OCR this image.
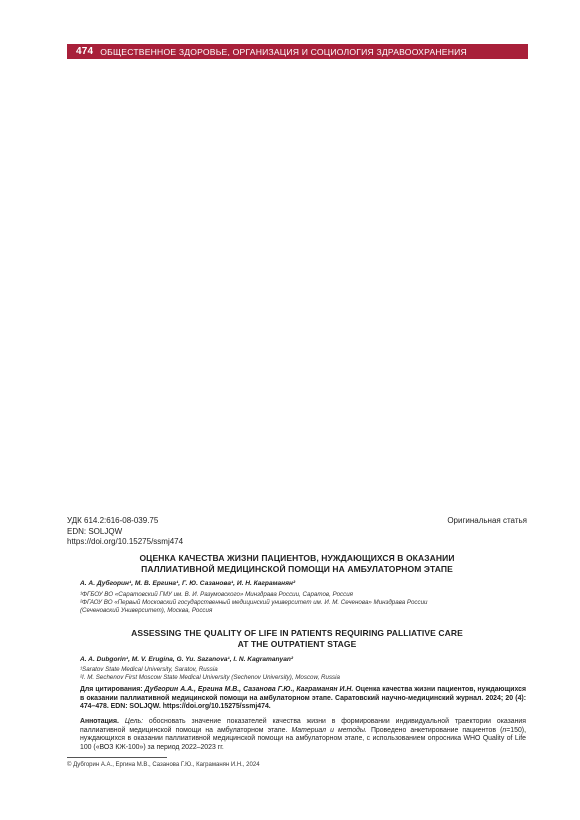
474 ОБЩЕСТВЕННОЕ ЗДОРОВЬЕ, ОРГАНИЗАЦИЯ И СОЦИОЛОГИЯ ЗДРАВООХРАНЕНИЯ
УДК 614.2:616-08-039.75
EDN: SOLJQW
https://doi.org/10.15275/ssmj474
Оригинальная статья
ОЦЕНКА КАЧЕСТВА ЖИЗНИ ПАЦИЕНТОВ, НУЖДАЮЩИХСЯ В ОКАЗАНИИ
ПАЛЛИАТИВНОЙ МЕДИЦИНСКОЙ ПОМОЩИ НА АМБУЛАТОРНОМ ЭТАПЕ
А. А. Дубгорин¹, М. В. Ергина¹, Г. Ю. Сазанова¹, И. Н. Каграманян²
¹ФГБОУ ВО «Саратовский ГМУ им. В. И. Разумовского» Минздрава России, Саратов, Россия
²ФГАОУ ВО «Первый Московский государственный медицинский университет им. И. М. Сеченова» Минздрава России
(Сеченовский Университет), Москва, Россия
ASSESSING THE QUALITY OF LIFE IN PATIENTS REQUIRING PALLIATIVE CARE
AT THE OUTPATIENT STAGE
A. A. Dubgorin¹, M. V. Erugina, G. Yu. Sazanova¹, I. N. Kagramanyan²
¹Saratov State Medical University, Saratov, Russia
²I. M. Sechenov First Moscow State Medical University (Sechenov University), Moscow, Russia
Для цитирования: Дубгорин А.А., Ергина М.В., Сазанова Г.Ю., Каграманян И.Н. Оценка качества жизни пациентов, нуждающихся в оказании паллиативной медицинской помощи на амбулаторном этапе. Саратовский научно-медицинский журнал. 2024; 20 (4): 474–478. EDN: SOLJQW. https://doi.org/10.15275/ssmj474.
Аннотация. Цель: обосновать значение показателей качества жизни в формировании индивидуальной траектории оказания паллиативной медицинской помощи на амбулаторном этапе. Материал и методы. Проведено анкетирование пациентов (n=150), нуждающихся в оказании паллиативной медицинской помощи на амбулаторном этапе, с использованием опросника WHO Quality of Life 100 («ВОЗ КЖ-100») за период 2022–2023 гг.
© Дубгорин А.А., Ергина М.В., Сазанова Г.Ю., Каграманян И.Н., 2024
